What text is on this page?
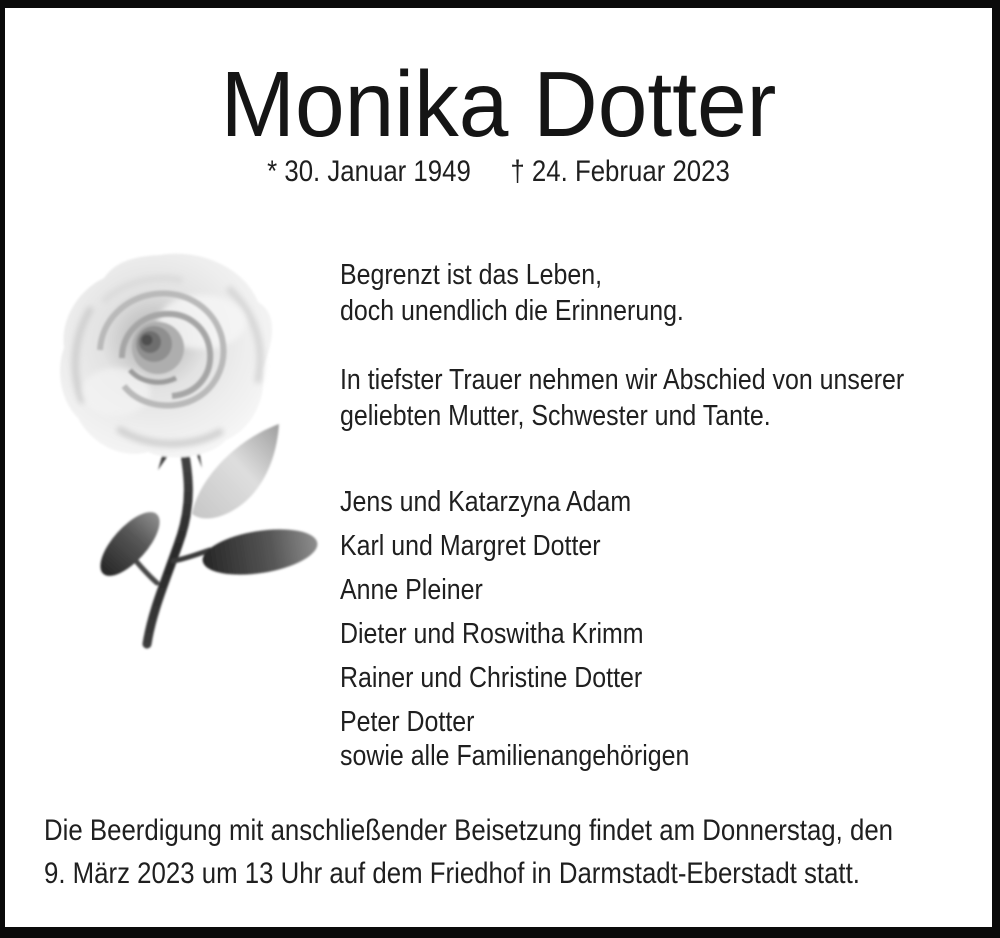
Monika Dotter
* 30. Januar 1949 † 24. Februar 2023
Begrenzt ist das Leben,
doch unendlich die Erinnerung.
In tiefster Trauer nehmen wir Abschied von unserer
geliebten Mutter, Schwester und Tante.
Jens und Katarzyna Adam
Karl und Margret Dotter
Anne Pleiner
Dieter und Roswitha Krimm
Rainer und Christine Dotter
Peter Dotter
sowie alle Familienangehörigen
Die Beerdigung mit anschließender Beisetzung findet am Donnerstag, den
9. März 2023 um 13 Uhr auf dem Friedhof in Darmstadt-Eberstadt statt.
